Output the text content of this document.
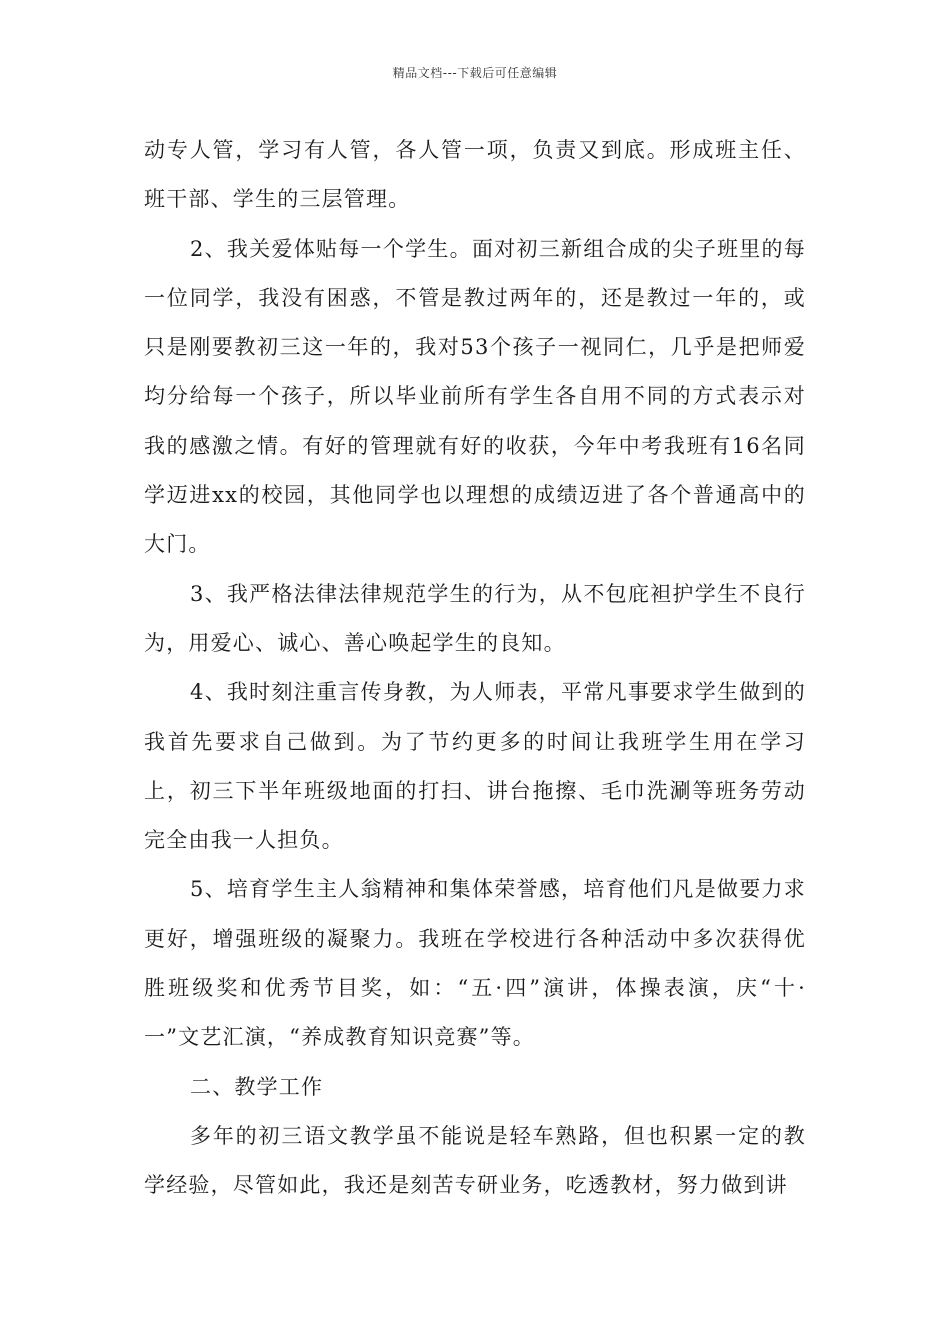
精品文档---下载后可任意编辑

动专人管，学习有人管，各人管一项，负责又到底。形成班主任、班干部、学生的三层管理。

2、我关爱体贴每一个学生。面对初三新组合成的尖子班里的每一位同学，我没有困惑，不管是教过两年的，还是教过一年的，或只是刚要教初三这一年的，我对53个孩子一视同仁，几乎是把师爱均分给每一个孩子，所以毕业前所有学生各自用不同的方式表示对我的感激之情。有好的管理就有好的收获，今年中考我班有16名同学迈进xx的校园，其他同学也以理想的成绩迈进了各个普通高中的大门。

3、我严格法律法律规范学生的行为，从不包庇袒护学生不良行为，用爱心、诚心、善心唤起学生的良知。

4、我时刻注重言传身教，为人师表，平常凡事要求学生做到的我首先要求自己做到。为了节约更多的时间让我班学生用在学习上，初三下半年班级地面的打扫、讲台拖擦、毛巾洗涮等班务劳动完全由我一人担负。

5、培育学生主人翁精神和集体荣誉感，培育他们凡是做要力求更好，增强班级的凝聚力。我班在学校进行各种活动中多次获得优胜班级奖和优秀节目奖，如：“五·四”演讲，体操表演，庆“十·一”文艺汇演，“养成教育知识竞赛”等。

二、教学工作

多年的初三语文教学虽不能说是轻车熟路，但也积累一定的教学经验，尽管如此，我还是刻苦专研业务，吃透教材，努力做到讲
